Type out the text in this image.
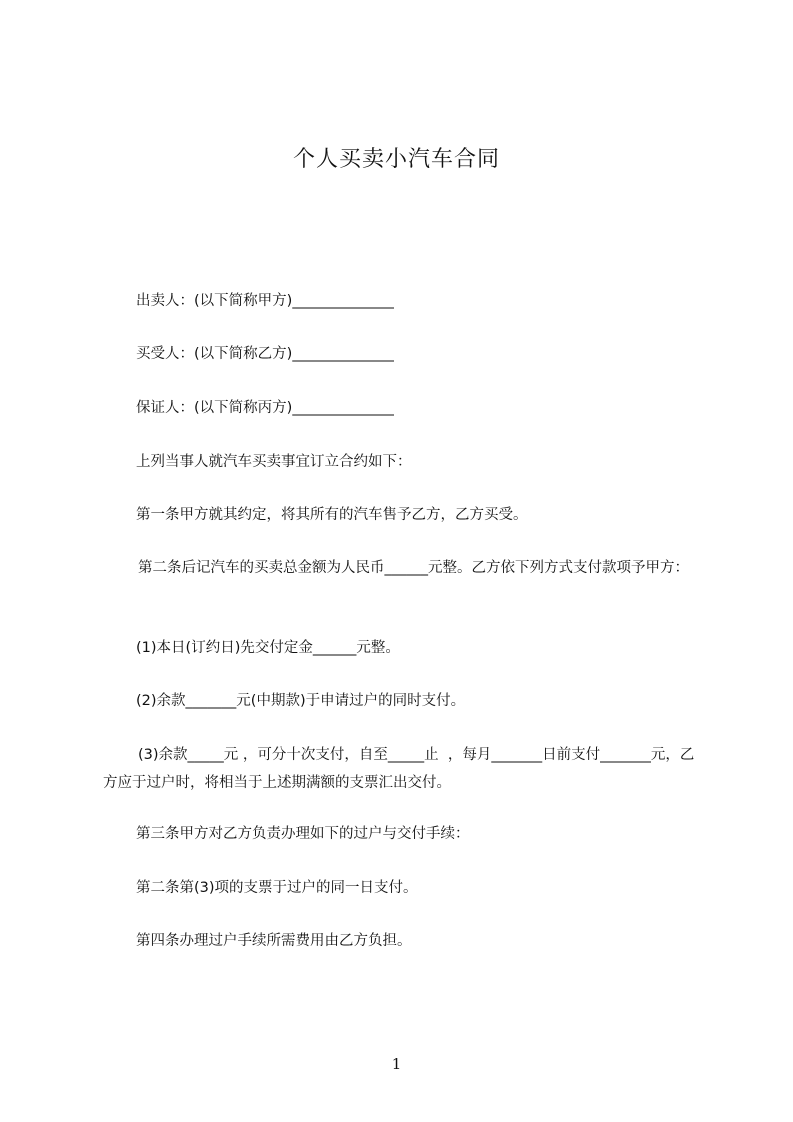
个人买卖小汽车合同
出卖人：(以下简称甲方)______________
买受人：(以下简称乙方)______________
保证人：(以下简称丙方)______________
上列当事人就汽车买卖事宜订立合约如下：
第一条甲方就其约定，将其所有的汽车售予乙方，乙方买受。
第二条后记汽车的买卖总金额为人民币______元整。乙方依下列方式支付款项予甲方：
(1)本日(订约日)先交付定金______元整。
(2)余款_______元(中期款)于申请过户的同时支付。
(3)余款_____元 ，可分十次支付，自至_____止  ，每月_______日前支付_______元，乙方应于过户时，将相当于上述期满额的支票汇出交付。
第三条甲方对乙方负责办理如下的过户与交付手续：
第二条第(3)项的支票于过户的同一日支付。
第四条办理过户手续所需费用由乙方负担。
1
